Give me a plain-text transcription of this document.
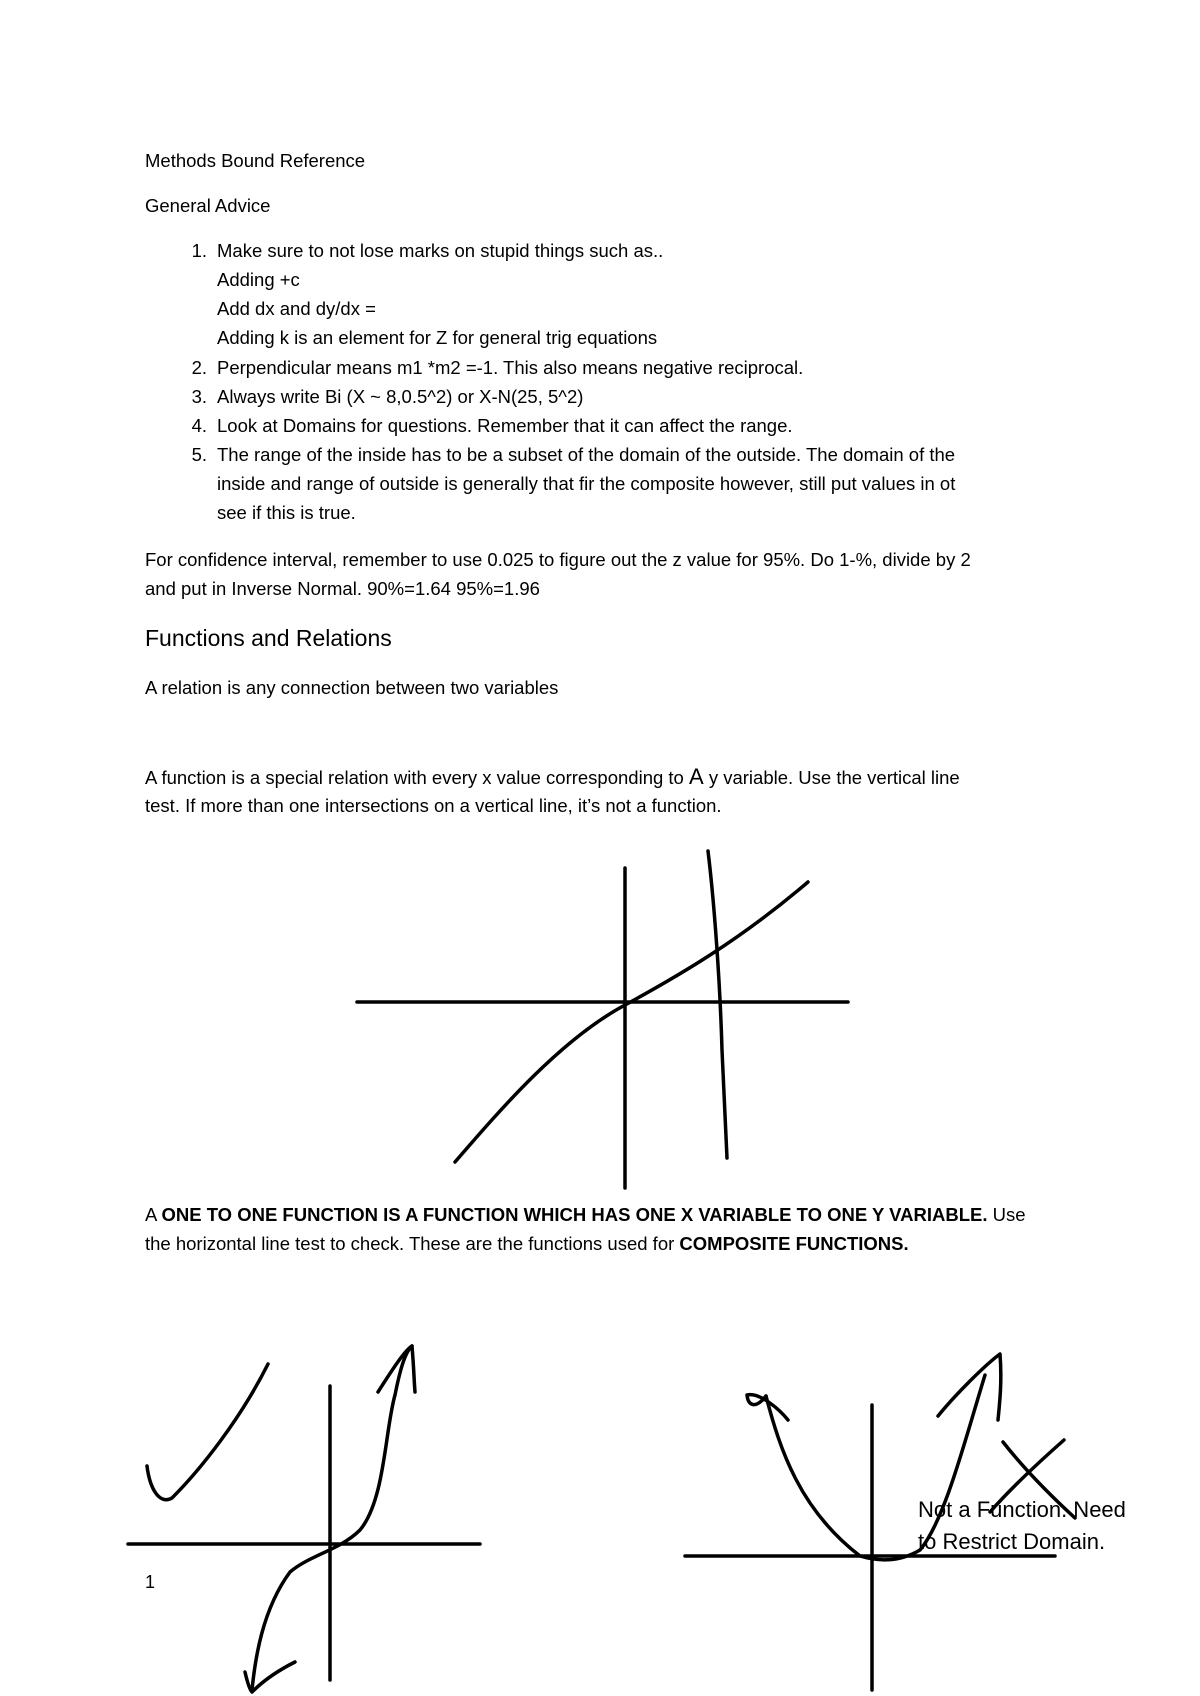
Methods Bound Reference
General Advice
1. Make sure to not lose marks on stupid things such as..
Adding +c
Add dx and dy/dx =
Adding k is an element for Z for general trig equations
2. Perpendicular means m1 *m2 =-1. This also means negative reciprocal.
3. Always write Bi (X ~ 8,0.5^2) or X-N(25, 5^2)
4. Look at Domains for questions. Remember that it can affect the range.
5. The range of the inside has to be a subset of the domain of the outside. The domain of the
inside and range of outside is generally that fir the composite however, still put values in ot
see if this is true.
For confidence interval, remember to use 0.025 to figure out the z value for 95%. Do 1-%, divide by 2
and put in Inverse Normal. 90%=1.64 95%=1.96
Functions and Relations
A relation is any connection between two variables
A function is a special relation with every x value corresponding to A y variable. Use the vertical line
test. If more than one intersections on a vertical line, it’s not a function.
A ONE TO ONE FUNCTION IS A FUNCTION WHICH HAS ONE X VARIABLE TO ONE Y VARIABLE. Use
the horizontal line test to check. These are the functions used for COMPOSITE FUNCTIONS.
Not a Function. Need
to Restrict Domain.
1
